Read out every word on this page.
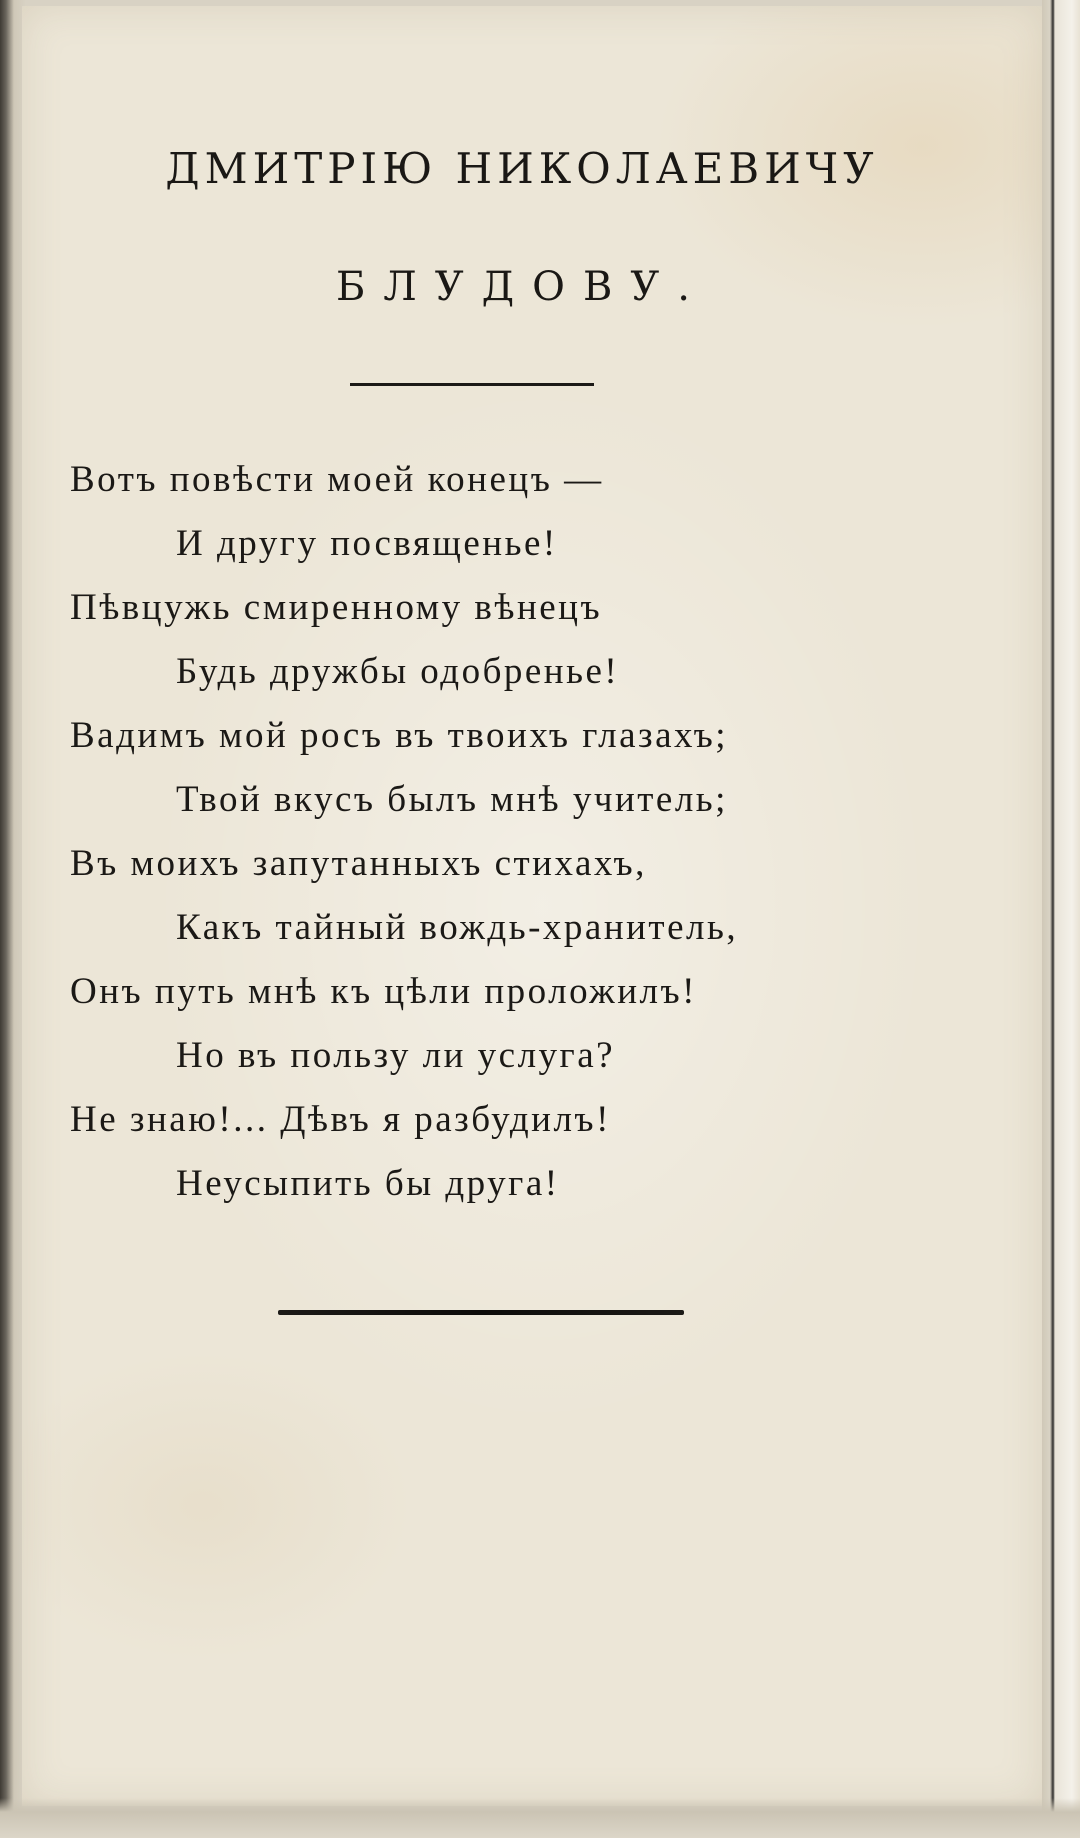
ДМИТРІЮ НИКОЛАЕВИЧУ
БЛУДОВУ.
Вотъ повѣсти моей конецъ —
И другу посвященье!
Пѣвцужь смиренному вѣнецъ
Будь дружбы одобренье!
Вадимъ мой росъ въ твоихъ глазахъ;
Твой вкусъ былъ мнѣ учитель;
Въ моихъ запутанныхъ стихахъ,
Какъ тайный вождь-хранитель,
Онъ путь мнѣ къ цѣли проложилъ!
Но въ пользу ли услуга?
Не знаю!... Дѣвъ я разбудилъ!
Неусыпить бы друга!
